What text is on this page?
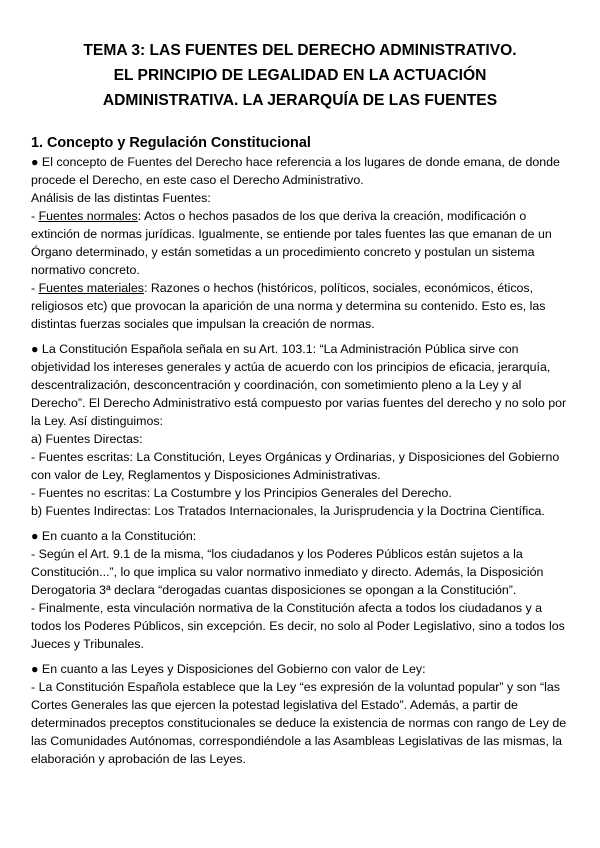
TEMA 3: LAS FUENTES DEL DERECHO ADMINISTRATIVO.
EL PRINCIPIO DE LEGALIDAD EN LA ACTUACIÓN
ADMINISTRATIVA. LA JERARQUÍA DE LAS FUENTES
1. Concepto y Regulación Constitucional

● El concepto de Fuentes del Derecho hace referencia a los lugares de donde emana, de donde procede el Derecho, en este caso el Derecho Administrativo.

Análisis de las distintas Fuentes:

- Fuentes normales: Actos o hechos pasados de los que deriva la creación, modificación o extinción de normas jurídicas. Igualmente, se entiende por tales fuentes las que emanan de un Órgano determinado, y están sometidas a un procedimiento concreto y postulan un sistema normativo concreto.

- Fuentes materiales: Razones o hechos (históricos, políticos, sociales, económicos, éticos, religiosos etc) que provocan la aparición de una norma y determina su contenido. Esto es, las distintas fuerzas sociales que impulsan la creación de normas.

● La Constitución Española señala en su Art. 103.1: “La Administración Pública sirve con objetividad los intereses generales y actúa de acuerdo con los principios de eficacia, jerarquía, descentralización, desconcentración y coordinación, con sometimiento pleno a la Ley y al Derecho”. El Derecho Administrativo está compuesto por varias fuentes del derecho y no solo por la Ley. Así distinguimos:

a) Fuentes Directas:

- Fuentes escritas: La Constitución, Leyes Orgánicas y Ordinarias, y Disposiciones del Gobierno con valor de Ley, Reglamentos y Disposiciones Administrativas.

- Fuentes no escritas: La Costumbre y los Principios Generales del Derecho.

b) Fuentes Indirectas: Los Tratados Internacionales, la Jurisprudencia y la Doctrina Científica.

● En cuanto a la Constitución:

- Según el Art. 9.1 de la misma, “los ciudadanos y los Poderes Públicos están sujetos a la Constitución...”, lo que implica su valor normativo inmediato y directo. Además, la Disposición Derogatoria 3ª declara “derogadas cuantas disposiciones se opongan a la Constitución”.

- Finalmente, esta vinculación normativa de la Constitución afecta a todos los ciudadanos y a todos los Poderes Públicos, sin excepción. Es decir, no solo al Poder Legislativo, sino a todos los Jueces y Tribunales.

● En cuanto a las Leyes y Disposiciones del Gobierno con valor de Ley:

- La Constitución Española establece que la Ley “es expresión de la voluntad popular” y son “las Cortes Generales las que ejercen la potestad legislativa del Estado”. Además, a partir de determinados preceptos constitucionales se deduce la existencia de normas con rango de Ley de las Comunidades Autónomas, correspondiéndole a las Asambleas Legislativas de las mismas, la elaboración y aprobación de las Leyes.
